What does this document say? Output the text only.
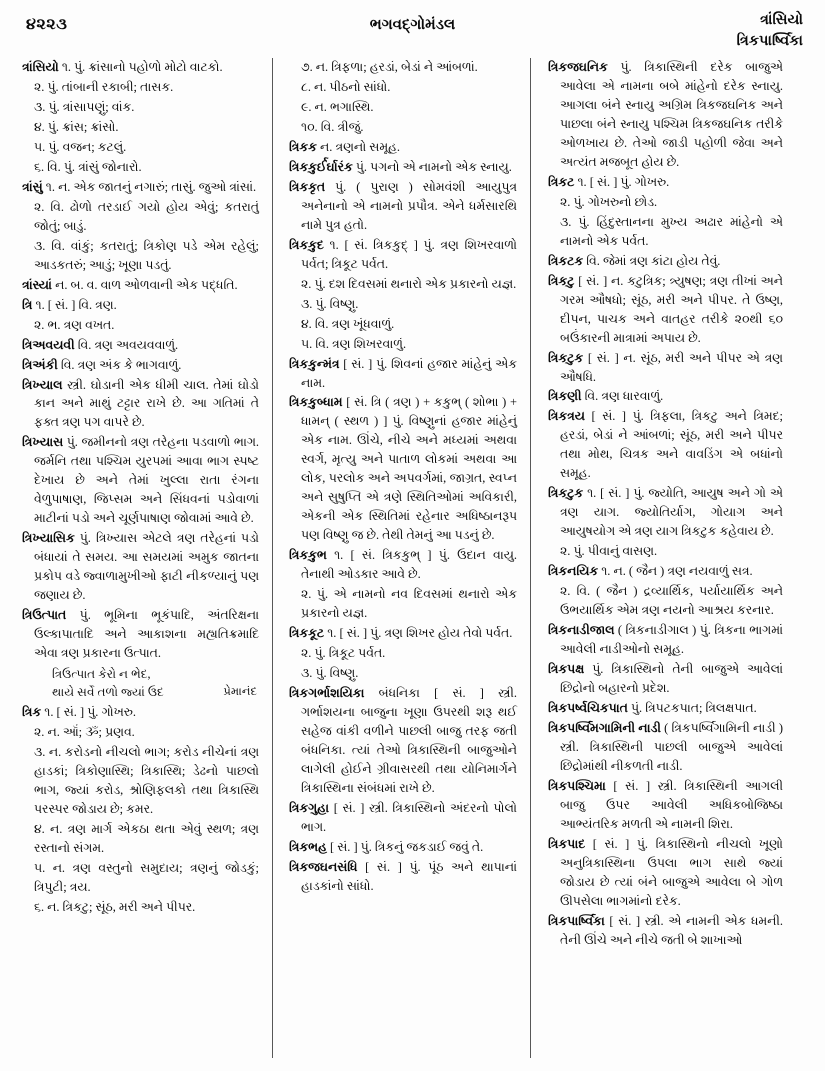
૪૨૨૩	ભગવદ્ગોમંડલ	ત્રાંસિયો
ત્રિકપાર્ષ્વિકા
ત્રાંસિયો ૧. પું. ક્રાંસાનો પહોળો મોટો વાટકો.
૨. પું. તાંબાની રકાબી; તાસક.
૩. પું. ત્રાંસાપણું; વાંક.
૪. પું. ક્રાંસ; ક્રાંસો.
૫. પું. વજન; કટલું.
૬. વિ. પું. ત્રાંસું જોનારો.
ત્રાંસું ૧. ન. એક જાતનું નગારું; તાસું. જુઓ ત્રાંસાં.
૨. વિ. ઢોળો તરડાઈ ગયો હોય એવું; કતરાતું જોતું; બાડું.
૩. વિ. વાંકું; કતરાતું; ત્રિકોણ પડે એમ રહેલું; આડકતરું; આડું; ખૂણા પડતું.
ત્રાંસ્યાં ન. બ. વ. વાળ ઓળવાની એક પદ્ધતિ.
ત્રિ ૧. [ સં. ] વિ. ત્રણ.
૨. ભ. ત્રણ વખત.
ત્રિઅવયવી વિ. ત્રણ અવયવવાળું.
ત્રિઅંકી વિ. ત્રણ અંક કે ભાગવાળું.
ત્રિખ્યાલ સ્ત્રી. ઘોડાની એક ધીમી ચાલ. તેમાં ઘોડો કાન અને માથું ટટ્ટાર રાખે છે. આ ગતિમાં તે ફક્ત ત્રણ પગ વાપરે છે.
ત્રિખ્યાસ પું. જમીનનો ત્રણ તરેહના પડવાળો ભાગ. જર્મનિ તથા પશ્ચિમ યુરપમાં આવા ભાગ સ્પષ્ટ દેખાય છે અને તેમાં ખુલ્લા રાતા રંગના વેળુપાષાણ, જિપ્સમ અને સિંધવનાં પડોવાળાં માટીનાં પડો અને ચૂર્ણપાષાણ જોવામાં આવે છે.
ત્રિખ્યાસિક પું. ત્રિખ્યાસ એટલે ત્રણ તરેહનાં પડો બંધાયાં તે સમય. આ સમયમાં અમુક જાતના પ્રકોપ વડે જ્વાળામુખીઓ ફાટી નીકળ્યાનું પણ જણાય છે.
ત્રિઉત્પાત પું. ભૂમિના ભૂકંપાદિ, અંતરિક્ષના ઉલ્કાપાતાદિ અને આકાશના મહ્યતિક્રમાદિ એવા ત્રણ પ્રકારના ઉત્પાત.
ત્રિઉત્પાત કેરો ન ભેદ,
પ્રેમાનંદ
થાયે સર્વે તળો જ્યાં ઉદ
ત્રિક ૧. [ સં. ] પું. ગોખરુ.
૨. ન. ઑં; ૐ; પ્રણવ.
૩. ન. કરોડનો નીચલો ભાગ; કરોડ નીચેનાં ત્રણ હાડકાં; ત્રિકોણાસ્થિ; ત્રિકાસ્થિ; ડેઢનો પાછલો ભાગ, જ્યાં કરોડ, શ્રોણિફલકો તથા ત્રિકાસ્થિ પરસ્પર જોડાય છે; કમર.
૪. ન. ત્રણ માર્ગ એકઠા થતા એવું સ્થળ; ત્રણ રસ્તાનો સંગમ.
૫. ન. ત્રણ વસ્તુનો સમુદાય; ત્રણનું જોડકું; ત્રિપુટી; ત્રય.
૬. ન. ત્રિકટુ; સૂંઠ, મરી અને પીપર.
૭. ન. ત્રિફળા; હરડાં, બેડાં ને આંબળાં.
૮. ન. પીઠનો સાંધો.
૯. ન. ભગાસ્થિ.
૧૦. વિ. ત્રીજું.
ત્રિકક ન. ત્રણનો સમૂહ.
ત્રિકકુર્ઈર્ઘારંક પું. પગનો એ નામનો એક સ્નાયુ.
ત્રિકકૃત પું. ( પુરાણ ) સોમવંશી આયુપુત્ર અનેનાનો એ નામનો પ્રપૌત્ર. એને ધર્મસારથિ નામે પુત્ર હતો.
ત્રિકકુદ ૧. [ સં. ત્રિકકુદ્ ] પું. ત્રણ શિખરવાળો પર્વત; ત્રિકૂટ પર્વત.
૨. પું. દશ દિવસમાં થનારો એક પ્રકારનો યજ્ઞ.
૩. પું. વિષ્ણુ.
૪. વિ. ત્રણ ખૂંધવાળું.
૫. વિ. ત્રણ શિખરવાળું.
ત્રિકકુન્મંત્ર [ સં. ] પું. શિવનાં હજાર માંહેનું એક નામ.
ત્રિકકુબ્ધામ [ સં. ત્રિ ( ત્રણ ) + કકુભ્ ( શોભા ) + ધામન્ ( સ્થળ ) ] પું. વિષ્ણુનાં હજાર માંહેનું એક નામ. ઊંચે, નીચે અને મધ્યમાં અથવા સ્વર્ગ, મૃત્યુ અને પાતાળ લોકમાં અથવા આ લોક, પરલોક અને અપવર્ગમાં, જાગ્રત, સ્વપ્ન અને સુષુપ્તિ એ ત્રણે સ્થિતિઓમાં અવિકારી, એકની એક સ્થિતિમાં રહેનાર અધિષ્ઠાનરૂપ પણ વિષ્ણુ જ છે. તેથી તેમનું આ પડનું છે.
ત્રિકકુભ ૧. [ સં. ત્રિકકુભ્ ] પું. ઉદાન વાયુ. તેનાથી ઓડકાર આવે છે.
૨. પું. એ નામનો નવ દિવસમાં થનારો એક પ્રકારનો યજ્ઞ.
ત્રિકકૂટ ૧. [ સં. ] પું. ત્રણ શિખર હોય તેવો પર્વત.
૨. પું. ત્રિકૂટ પર્વત.
૩. પું. વિષ્ણુ.
ત્રિકગર્ભાશયિકા બંધનિકા [ સં. ] સ્ત્રી. ગર્ભાશયના બાજુના ખૂણા ઉપરથી શરૂ થઈ સહેજ વાંકી વળીને પાછલી બાજુ તરફ જતી બંધનિકા. ત્યાં તેઓ ત્રિકાસ્થિની બાજુઓને લાગેલી હોઈને ગ્રીવાસરથી તથા યોનિમાર્ગને ત્રિકાસ્થિના સંબંધમાં રાખે છે.
ત્રિકગુહા [ સં. ] સ્ત્રી. ત્રિકાસ્થિનો અંદરનો પોલો ભાગ.
ત્રિકભહ [ સં. ] પું. ત્રિકનું જકડાઈ જવું તે.
ત્રિકજઘનસંધિ [ સં. ] પું. પૂંઠ અને થાપાનાં હાડકાંનો સાંધો.
ત્રિકજઘનિક પું. ત્રિકાસ્થિની દરેક બાજુએ આવેલા એ નામના બબે માંહેનો દરેક સ્નાયુ. આગલા બંને સ્નાયુ અગ્રિમ ત્રિકજઘનિક અને પાછલા બંને સ્નાયુ પશ્ચિમ ત્રિકજઘનિક તરીકે ઓળખાય છે. તેઓ જાડી પહોળી જેવા અને અત્યંત મજબૂત હોય છે.
ત્રિકટ ૧. [ સં. ] પું. ગોખરુ.
૨. પું. ગોખરુનો છોડ.
૩. પું. હિંદુસ્તાનના મુખ્ય અઢાર માંહેનો એ નામનો એક પર્વત.
ત્રિકટક વિ. જેમાં ત્રણ કાંટા હોય તેવું.
ત્રિકટુ [ સં. ] ન. કટુત્રિક; ત્ર્યુષણ; ત્રણ તીખાં અને ગરમ ઔષધો; સૂંઠ, મરી અને પીપર. તે ઉષ્ણ, દીપન, પાચક અને વાતહર તરીકે ૨૦થી ૬૦ બઉંકારની માત્રામાં અપાય છે.
ત્રિકટુક [ સં. ] ન. સૂંઠ, મરી અને પીપર એ ત્રણ ઔષધિ.
ત્રિકણી વિ. ત્રણ ધારવાળું.
ત્રિકત્રય [ સં. ] પું. ત્રિફલા, ત્રિકટુ અને ત્રિમદ; હરડાં, બેડાં ને આંબળાં; સૂંઠ, મરી અને પીપર તથા મોથ, ચિત્રક અને વાવડિંગ એ બધાંનો સમૂહ.
ત્રિકટુક ૧. [ સં. ] પું. જ્યોતિ, આયુષ અને ગો એ ત્રણ યાગ. જ્યોતિર્યાગ, ગોયાગ અને આયુષયોગ એ ત્રણ યાગ ત્રિકટુક કહેવાય છે.
૨. પું. પીવાનું વાસણ.
ત્રિકનયિક ૧. ન. ( જૈન ) ત્રણ નયવાળું સત્ર.
૨. વિ. ( જૈન ) દ્રવ્યાર્થિક, પર્યાયાર્થિક અને ઉભયાર્થિક એમ ત્રણ નયનો આશ્રય કરનાર.
ત્રિકનાડીજાલ ( ત્રિકનાડીગાલ ) પું. ત્રિકના ભાગમાં આવેલી નાડીઓનો સમૂહ.
ત્રિકપક્ષ પું. ત્રિકાસ્થિનો તેની બાજુએ આવેલાં છિદ્રોનો બહારનો પ્રદેશ.
ત્રિકપર્ષ્વચિકપાત પું. ત્રિપટકપાત; ત્રિલક્ષપાત.
ત્રિકપર્ષ્વિમગામિની નાડી ( ત્રિકપર્ષ્વિગામિની નાડી ) સ્ત્રી. ત્રિકાસ્થિની પાછલી બાજુએ આવેલાં છિદ્રોમાંથી નીકળતી નાડી.
ત્રિકપશ્ચિમા [ સં. ] સ્ત્રી. ત્રિકાસ્થિની આગલી બાજુ ઉપર આવેલી અધિકબોજિષ્ઠા આભ્યંતરિક મળતી એ નામની શિરા.
ત્રિકપાદ [ સં. ] પું. ત્રિકાસ્થિનો નીચલો ખૂણો અનુત્રિકાસ્થિના ઉપલા ભાગ સાથે જ્યાં જોડાય છે ત્યાં બંને બાજુએ આવેલા બે ગોળ ઊપસેલા ભાગમાંનો દરેક.
ત્રિકપાર્ષ્વિકા [ સં. ] સ્ત્રી. એ નામની એક ધમની. તેની ઊંચે અને નીચે જતી બે શાખાઓ
